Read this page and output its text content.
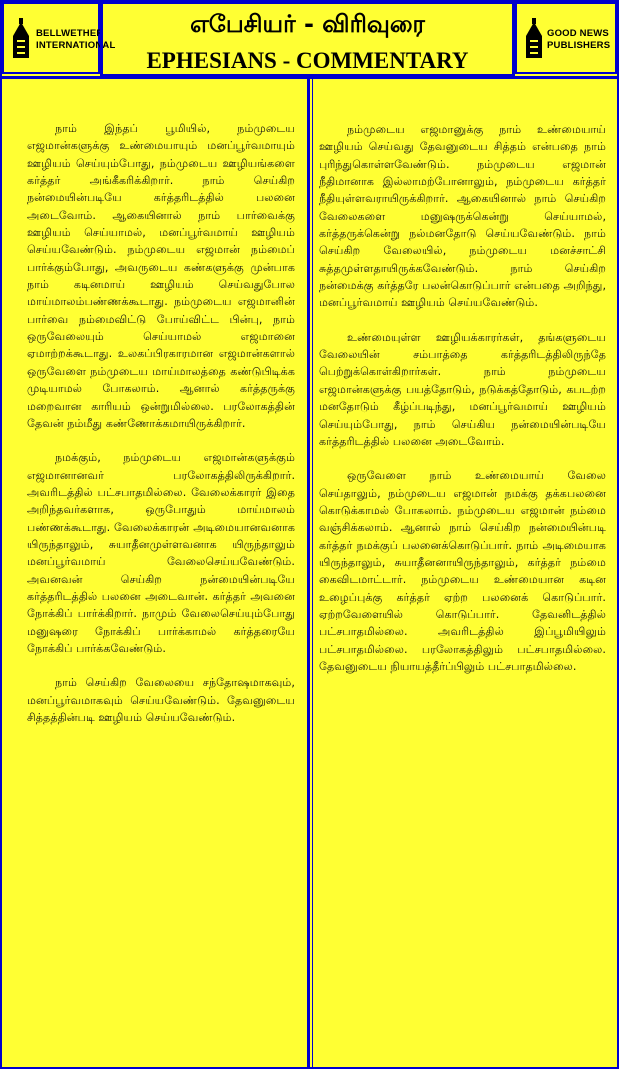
BELLWETHER
INTERNATIONAL
எபேசியர் - விரிவுரை
EPHESIANS - COMMENTARY
GOOD NEWS
PUBLISHERS

நாம் இந்தப் பூமியில், நம்முடைய எஜமான்களுக்கு உண்மையாயும் மனப்பூர்வமாயும் ஊழியம் செய்யும்போது, நம்முடைய ஊழியங்களை கர்த்தர் அங்கீகரிக்கிறார். நாம் செய்கிற நன்மையின்படியே கர்த்தரிடத்தில் பலனை அடைவோம். ஆகையினால் நாம் பார்வைக்கு ஊழியம் செய்யாமல், மனப்பூர்வமாய் ஊழியம் செய்யவேண்டும். நம்முடைய எஜமான் நம்மைப் பார்க்கும்போது, அவருடைய கண்களுக்கு முன்பாக நாம் கடினமாய் ஊழியம் செய்வதுபோல மாய்மாலம்பண்ணக்கூடாது. நம்முடைய எஜமானின் பார்வை நம்மைவிட்டு போய்விட்ட பின்பு, நாம் ஒருவேலையும் செய்யாமல் எஜமானை ஏமாற்றக்கூடாது. உலகப்பிரகாரமான எஜமான்களால் ஒருவேளை நம்முடைய மாய்மாலத்தை கண்டுபிடிக்க முடியாமல் போகலாம். ஆனால் கர்த்தருக்கு மறைவான காரியம் ஒன்றுமில்லை. பரலோகத்தின் தேவன் நம்மீது கண்ணோக்கமாயிருக்கிறார்.

நமக்கும், நம்முடைய எஜமான்களுக்கும் எஜமானானவர் பரலோகத்திலிருக்கிறார். அவரிடத்தில் பட்சபாதமில்லை. வேலைக்காரர் இதை அறிந்தவர்களாக, ஒருபோதும் மாய்மாலம் பண்ணக்கூடாது. வேலைக்காரன் அடிமையானவனாக யிருந்தாலும், சுயாதீனமுள்ளவனாக யிருந்தாலும் மனப்பூர்வமாய் வேலைசெய்யவேண்டும். அவனவன் செய்கிற நன்மையின்படியே கர்த்தரிடத்தில் பலனை அடைவான். கர்த்தர் அவனை நோக்கிப் பார்க்கிறார். நாமும் வேலைசெய்யும்போது மனுஷரை நோக்கிப் பார்க்காமல் கர்த்தரையே நோக்கிப் பார்க்கவேண்டும்.

நாம் செய்கிற வேலையை சந்தோஷமாகவும், மனப்பூர்வமாகவும் செய்யவேண்டும். தேவனுடைய சித்தத்தின்படி ஊழியம் செய்யவேண்டும்.

நம்முடைய எஜமானுக்கு நாம் உண்மையாய் ஊழியம் செய்வது தேவனுடைய சித்தம் என்பதை நாம் புரிந்துகொள்ளவேண்டும். நம்முடைய எஜமான் நீதிமானாக இல்லாமற்போனாலும், நம்முடைய கர்த்தர் நீதியுள்ளவராயிருக்கிறார். ஆகையினால் நாம் செய்கிற வேலைகளை மனுஷருக்கென்று செய்யாமல், கர்த்தருக்கென்று நல்மனதோடு செய்யவேண்டும். நாம் செய்கிற வேலையில், நம்முடைய மனச்சாட்சி சுத்தமுள்ளதாயிருக்கவேண்டும். நாம் செய்கிற நன்மைக்கு கர்த்தரே பலன்கொடுப்பார் என்பதை அறிந்து, மனப்பூர்வமாய் ஊழியம் செய்யவேண்டும்.

உண்மையுள்ள ஊழியக்காரர்கள், தங்களுடைய வேலையின் சம்பாத்தை கர்த்தரிடத்திலிருந்தே பெற்றுக்கொள்கிறார்கள். நாம் நம்முடைய எஜமான்களுக்கு பயத்தோடும், நடுக்கத்தோடும், கபடற்ற மனதோடும் கீழ்ப்படிந்து, மனப்பூர்வமாய் ஊழியம் செய்யும்போது, நாம் செய்கிய நன்மையின்படியே கர்த்தரிடத்தில் பலனை அடைவோம்.

ஒருவேளை நாம் உண்மையாய் வேலை செய்தாலும், நம்முடைய எஜமான் நமக்கு தக்கபலனை கொடுக்காமல் போகலாம். நம்முடைய எஜமான் நம்மை வஞ்சிக்கலாம். ஆனால் நாம் செய்கிற நன்மையின்படி கர்த்தர் நமக்குப் பலனைக்கொடுப்பார். நாம் அடிமையாக யிருந்தாலும், சுயாதீனனாயிருந்தாலும், கர்த்தர் நம்மை கைவிடமாட்டார். நம்முடைய உண்மையான கடின உழைப்புக்கு கர்த்தர் ஏற்ற பலனைக் கொடுப்பார். ஏற்றவேளையில் கொடுப்பார். தேவனிடத்தில் பட்சபாதமில்லை. அவரிடத்தில் இப்பூமியிலும் பட்சபாதமில்லை. பரலோகத்திலும் பட்சபாதமில்லை. தேவனுடைய நியாயத்தீர்ப்பிலும் பட்சபாதமில்லை.
